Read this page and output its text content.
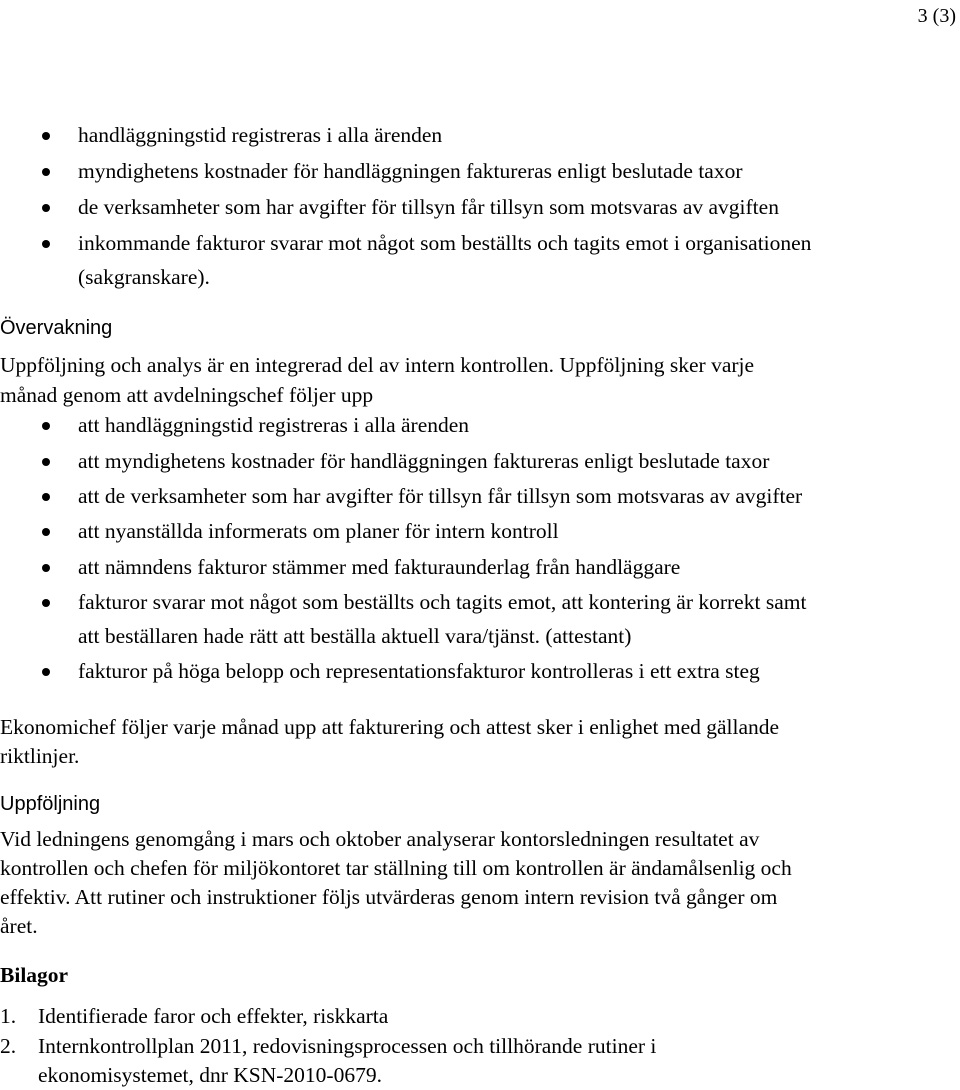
3 (3)
handläggningstid registreras i alla ärenden
myndighetens kostnader för handläggningen faktureras enligt beslutade taxor
de verksamheter som har avgifter för tillsyn får tillsyn som motsvaras av avgiften
inkommande fakturor svarar mot något som beställts och tagits emot i organisationen
(sakgranskare).
Övervakning
Uppföljning och analys är en integrerad del av intern kontrollen. Uppföljning sker varje
månad genom att avdelningschef följer upp
att handläggningstid registreras i alla ärenden
att myndighetens kostnader för handläggningen faktureras enligt beslutade taxor
att de verksamheter som har avgifter för tillsyn får tillsyn som motsvaras av avgifter
att nyanställda informerats om planer för intern kontroll
att nämndens fakturor stämmer med fakturaunderlag från handläggare
fakturor svarar mot något som beställts och tagits emot, att kontering är korrekt samt
att beställaren hade rätt att beställa aktuell vara/tjänst. (attestant)
fakturor på höga belopp och representationsfakturor kontrolleras i ett extra steg
Ekonomichef följer varje månad upp att fakturering och attest sker i enlighet med gällande
riktlinjer.
Uppföljning
Vid ledningens genomgång i mars och oktober analyserar kontorsledningen resultatet av
kontrollen och chefen för miljökontoret tar ställning till om kontrollen är ändamålsenlig och
effektiv. Att rutiner och instruktioner följs utvärderas genom intern revision två gånger om
året.
Bilagor
1. Identifierade faror och effekter, riskkarta
2. Internkontrollplan 2011, redovisningsprocessen och tillhörande rutiner i
ekonomisystemet, dnr KSN-2010-0679.
